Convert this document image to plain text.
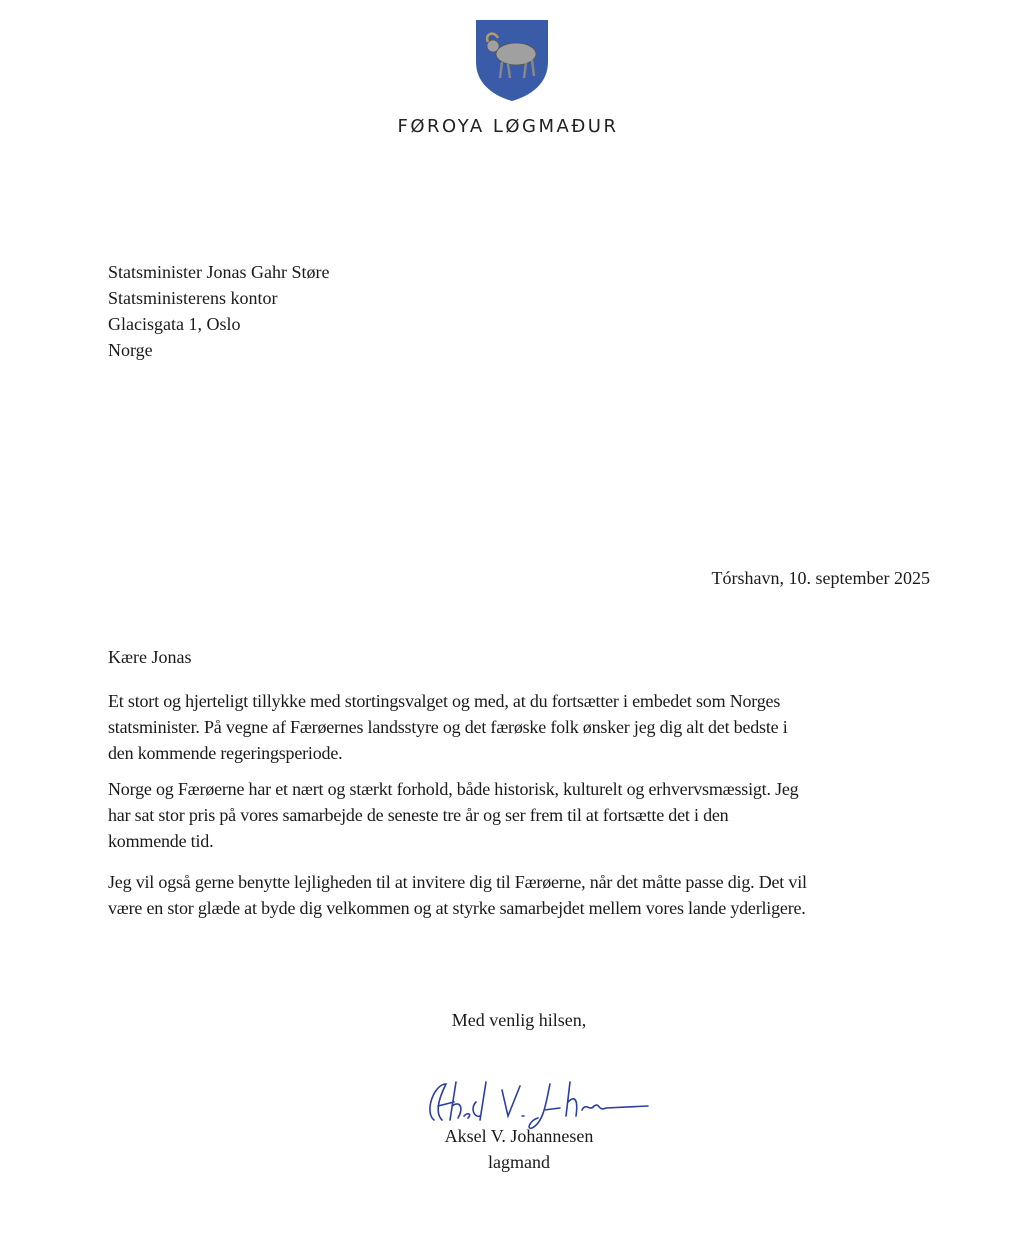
FØROYA LØGMAÐUR
Statsminister Jonas Gahr Støre
Statsministerens kontor
Glacisgata 1, Oslo
Norge
Tórshavn, 10. september 2025
Kære Jonas
Et stort og hjerteligt tillykke med stortingsvalget og med, at du fortsætter i embedet som Norges
statsminister. På vegne af Færøernes landsstyre og det færøske folk ønsker jeg dig alt det bedste i
den kommende regeringsperiode.
Norge og Færøerne har et nært og stærkt forhold, både historisk, kulturelt og erhvervsmæssigt. Jeg
har sat stor pris på vores samarbejde de seneste tre år og ser frem til at fortsætte det i den
kommende tid.
Jeg vil også gerne benytte lejligheden til at invitere dig til Færøerne, når det måtte passe dig. Det vil
være en stor glæde at byde dig velkommen og at styrke samarbejdet mellem vores lande yderligere.
Med venlig hilsen,
Aksel V. Johannesen
lagmand
